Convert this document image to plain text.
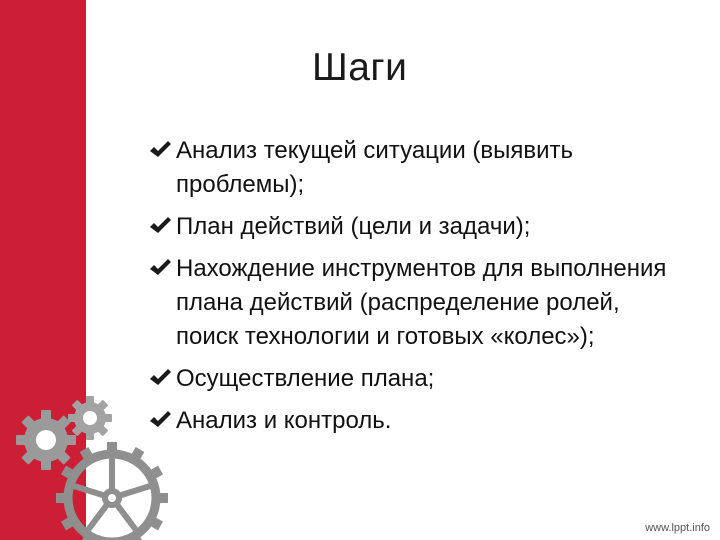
Шаги
Анализ текущей ситуации (выявить проблемы);
План действий (цели и задачи);
Нахождение инструментов для выполнения плана действий (распределение ролей, поиск технологии и готовых «колес»);
Осуществление плана;
Анализ и контроль.
www.lppt.info
